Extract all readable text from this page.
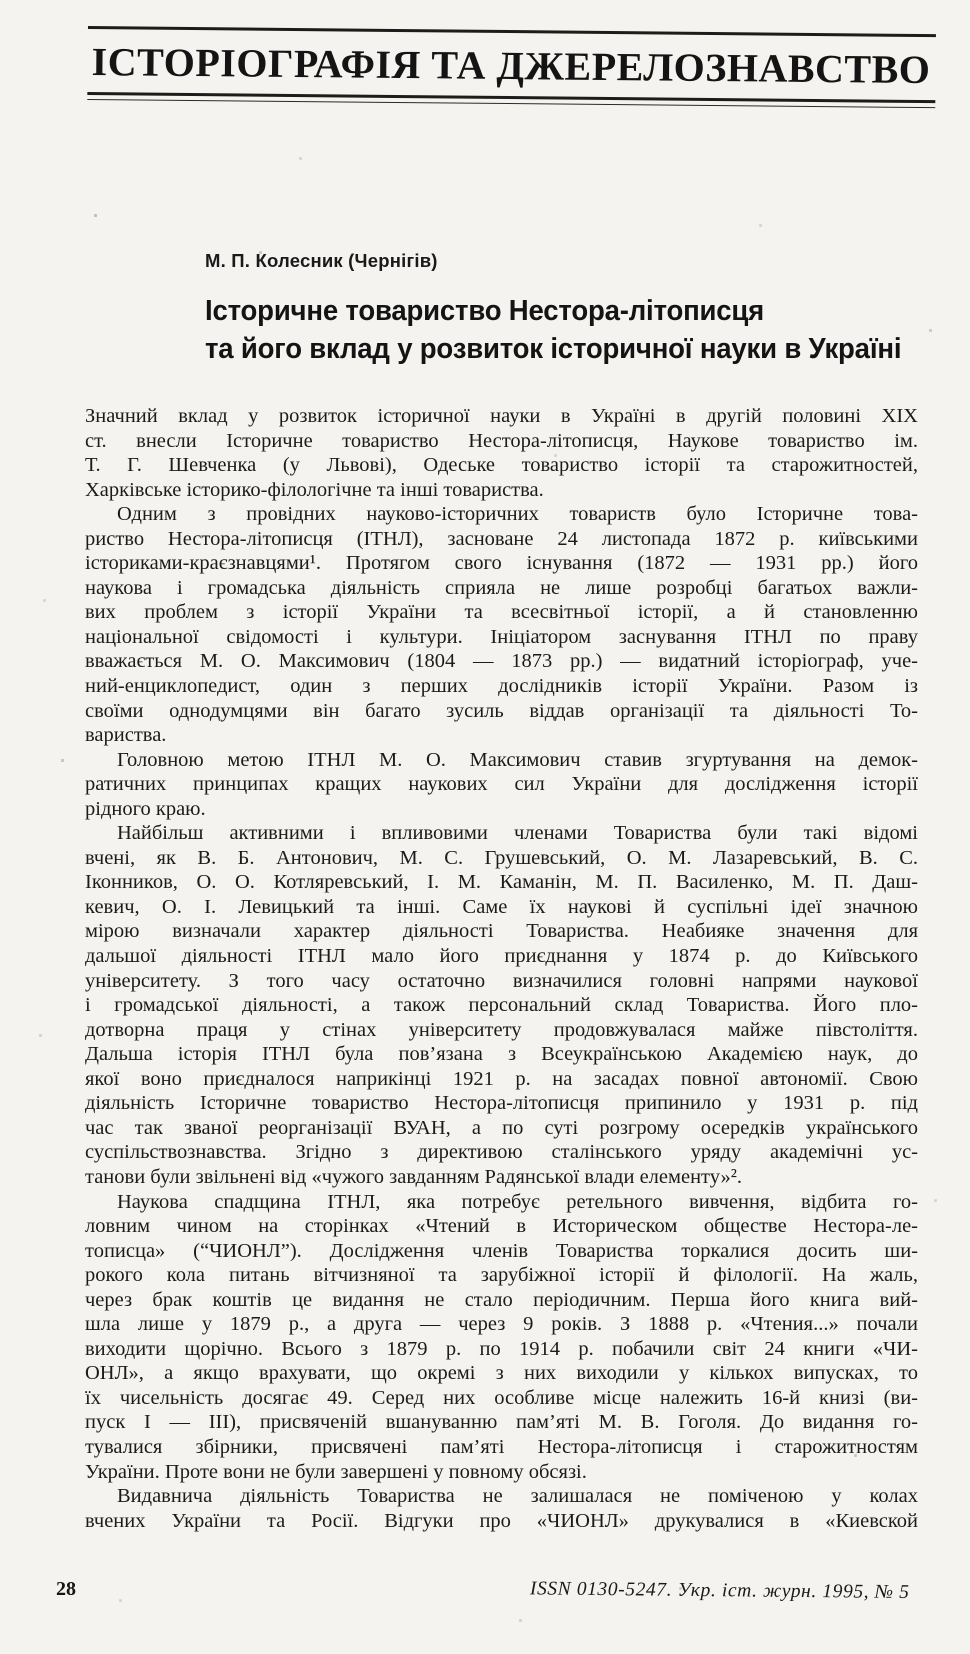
ІСТОРІОГРАФІЯ ТА ДЖЕРЕЛОЗНАВСТВО
М. П. Колесник (Чернігів)
Історичне товариство Нестора-літописця
та його вклад у розвиток історичної науки в Україні
Значний вклад у розвиток історичної науки в Україні в другій половині XIX
ст. внесли Історичне товариство Нестора-літописця, Наукове товариство ім.
Т. Г. Шевченка (у Львові), Одеське товариство історії та старожитностей,
Харківське історико-філологічне та інші товариства.
Одним з провідних науково-історичних товариств було Історичне това-
риство Нестора-літописця (ІТНЛ), засноване 24 листопада 1872 р. київськими
істориками-краєзнавцями¹. Протягом свого існування (1872 — 1931 рр.) його
наукова і громадська діяльність сприяла не лише розробці багатьох важли-
вих проблем з історії України та всесвітньої історії, а й становленню
національної свідомості і культури. Ініціатором заснування ІТНЛ по праву
вважається М. О. Максимович (1804 — 1873 рр.) — видатний історіограф, уче-
ний-енциклопедист, один з перших дослідників історії України. Разом із
своїми однодумцями він багато зусиль віддав організації та діяльності То-
вариства.
Головною метою ІТНЛ М. О. Максимович ставив згуртування на демок-
ратичних принципах кращих наукових сил України для дослідження історії
рідного краю.
Найбільш активними і впливовими членами Товариства були такі відомі
вчені, як В. Б. Антонович, М. С. Грушевський, О. М. Лазаревський, В. С.
Іконников, О. О. Котляревський, І. М. Каманін, М. П. Василенко, М. П. Даш-
кевич, О. І. Левицький та інші. Саме їх наукові й суспільні ідеї значною
мірою визначали характер діяльності Товариства. Неабияке значення для
дальшої діяльності ІТНЛ мало його приєднання у 1874 р. до Київського
університету. З того часу остаточно визначилися головні напрями наукової
і громадської діяльності, а також персональний склад Товариства. Його пло-
дотворна праця у стінах університету продовжувалася майже півстоліття.
Дальша історія ІТНЛ була пов’язана з Всеукраїнською Академією наук, до
якої воно приєдналося наприкінці 1921 р. на засадах повної автономії. Свою
діяльність Історичне товариство Нестора-літописця припинило у 1931 р. під
час так званої реорганізації ВУАН, а по суті розгрому осередків українського
суспільствознавства. Згідно з директивою сталінського уряду академічні ус-
танови були звільнені від «чужого завданням Радянської влади елементу»².
Наукова спадщина ІТНЛ, яка потребує ретельного вивчення, відбита го-
ловним чином на сторінках «Чтений в Историческом обществе Нестора-ле-
тописца» (“ЧИОНЛ”). Дослідження членів Товариства торкалися досить ши-
рокого кола питань вітчизняної та зарубіжної історії й філології. На жаль,
через брак коштів це видання не стало періодичним. Перша його книга вий-
шла лише у 1879 р., а друга — через 9 років. З 1888 р. «Чтения...» почали
виходити щорічно. Всього з 1879 р. по 1914 р. побачили світ 24 книги «ЧИ-
ОНЛ», а якщо врахувати, що окремі з них виходили у кількох випусках, то
їх чисельність досягає 49. Серед них особливе місце належить 16-й книзі (ви-
пуск I — III), присвяченій вшануванню пам’яті М. В. Гоголя. До видання го-
тувалися збірники, присвячені пам’яті Нестора-літописця і старожитностям
України. Проте вони не були завершені у повному обсязі.
Видавнича діяльність Товариства не залишалася не поміченою у колах
вчених України та Росії. Відгуки про «ЧИОНЛ» друкувалися в «Киевской
28	ISSN 0130-5247. Укр. іст. журн. 1995, № 5
